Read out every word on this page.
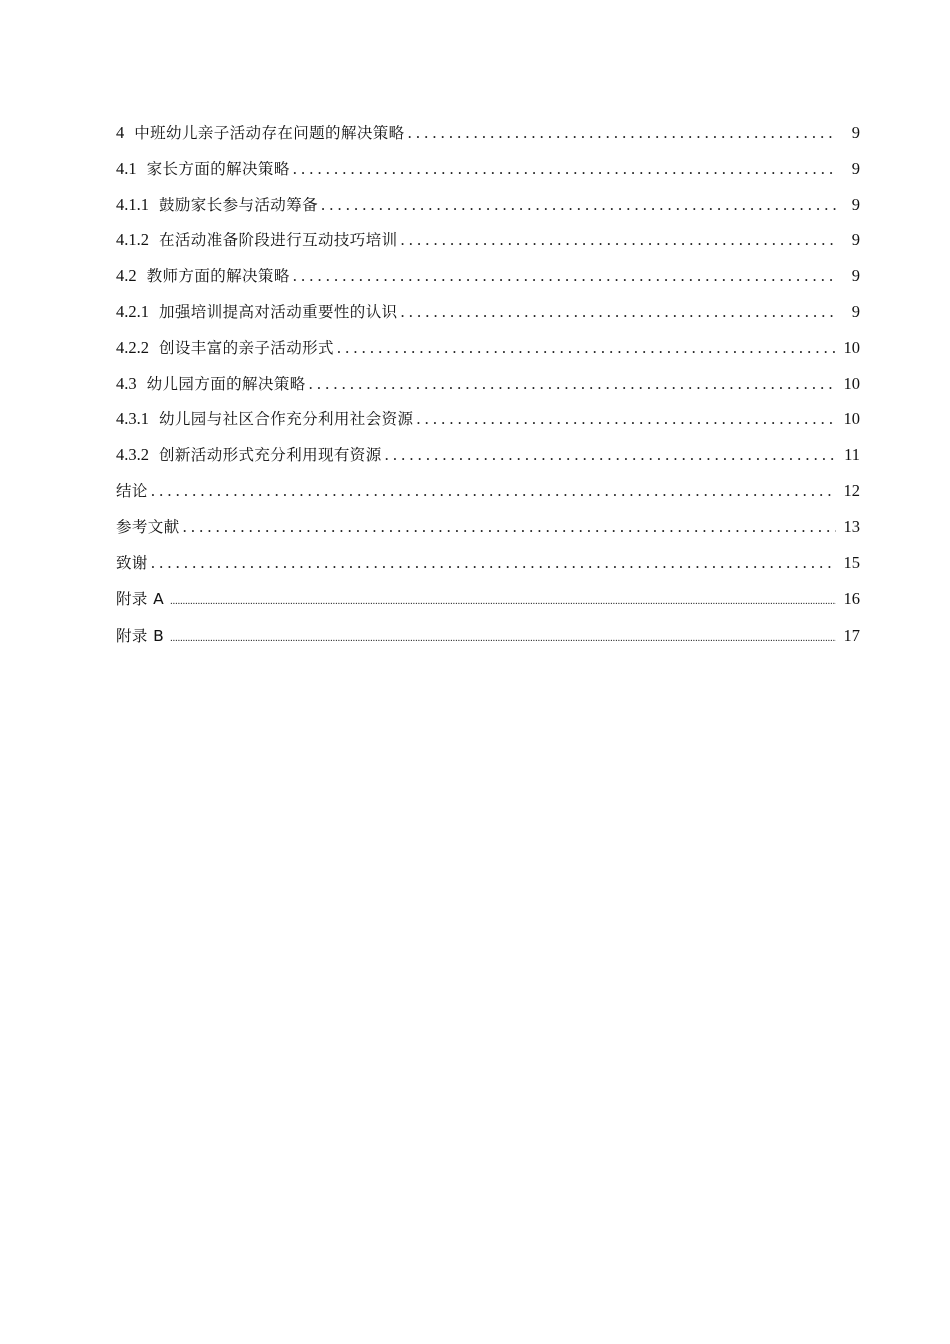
4 中班幼儿亲子活动存在问题的解决策略 . . .	9
4.1 家长方面的解决策略 . . .	9
4.1.1 鼓励家长参与活动筹备 . . .	9
4.1.2 在活动准备阶段进行互动技巧培训 . . .	9
4.2 教师方面的解决策略 . . .	9
4.2.1 加强培训提高对活动重要性的认识 . . .	9
4.2.2 创设丰富的亲子活动形式 . . .	10
4.3 幼儿园方面的解决策略 . . .	10
4.3.1 幼儿园与社区合作充分利用社会资源 . . .	10
4.3.2 创新活动形式充分利用现有资源 . . .	11
结论 . . .	12
参考文献 . . .	13
致谢 . . .	15
附录 A .....	16
附录 B .....	17
